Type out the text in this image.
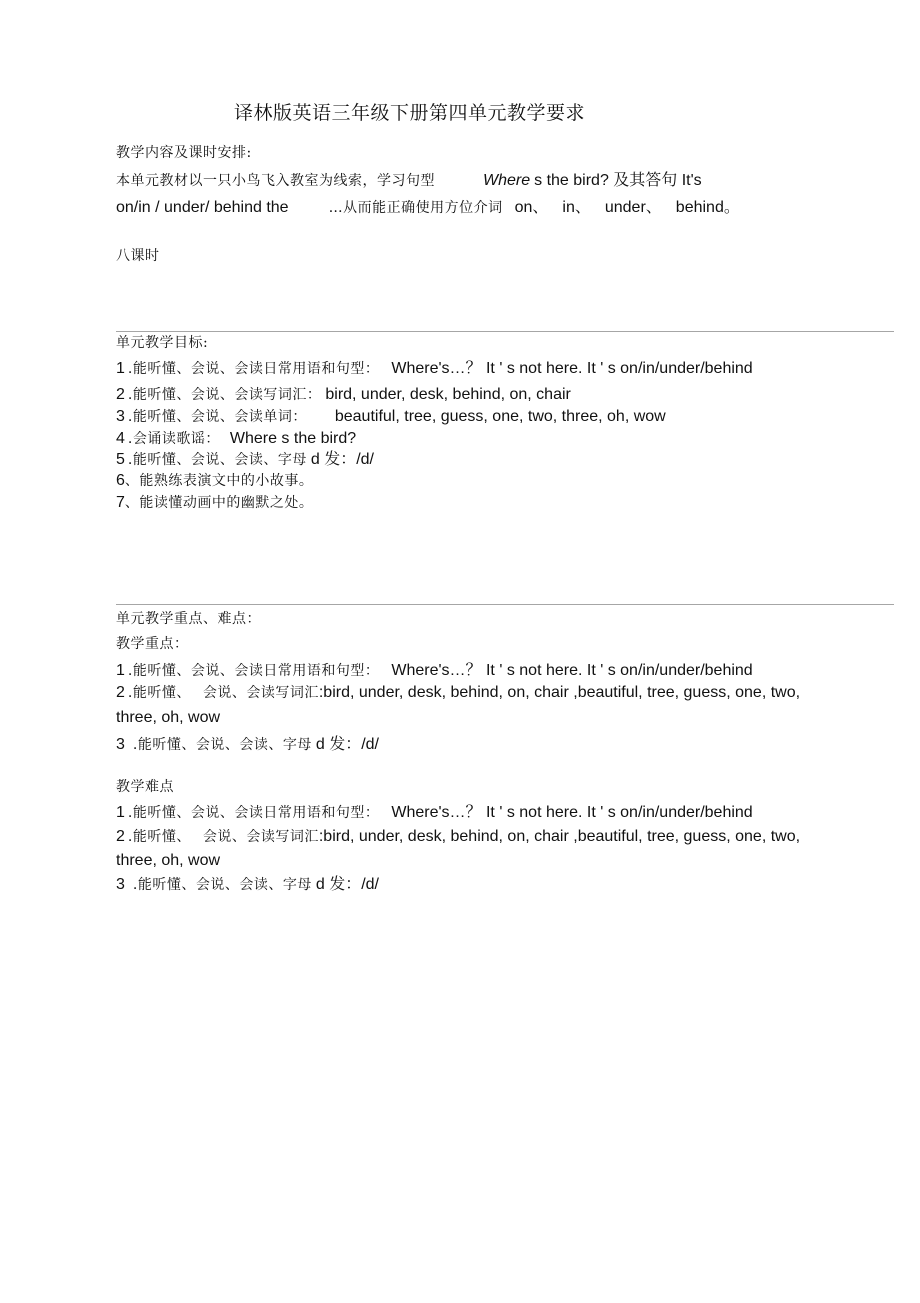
译林版英语三年级下册第四单元教学要求
教学内容及课时安排:
本单元教材以一只小鸟飞入教室为线索，学习句型	Where s the bird? 及其答句 It's
on/in / under/ behind the	…从而能正确使用方位介词 on、 in、 under、 behind。
八课时
单元教学目标:
1 .能听懂、会说、会读日常用语和句型： Where's…？ It ' s not here. It ' s on/in/under/behind
2 .能听懂、会说、会读写词汇： bird, under, desk, behind, on, chair
3 .能听懂、会说、会读单词： beautiful, tree, guess, one, two, three, oh, wow
4 .会诵读歌谣： Where s the bird?
5 .能听懂、会说、会读、字母 d 发：/d/
6、能熟练表演文中的小故事。
7、能读懂动画中的幽默之处。
单元教学重点、难点：
教学重点：
1 .能听懂、会说、会读日常用语和句型： Where's…？ It ' s not here. It ' s on/in/under/behind
2 .能听懂、 会说、会读写词汇:bird, under, desk, behind, on, chair ,beautiful, tree, guess, one, two,
three, oh, wow
3 .能听懂、会说、会读、字母 d 发：/d/
教学难点
1 .能听懂、会说、会读日常用语和句型： Where's…？ It ' s not here. It ' s on/in/under/behind
2 .能听懂、 会说、会读写词汇:bird, under, desk, behind, on, chair ,beautiful, tree, guess, one, two,
three, oh, wow
3 .能听懂、会说、会读、字母 d 发：/d/
